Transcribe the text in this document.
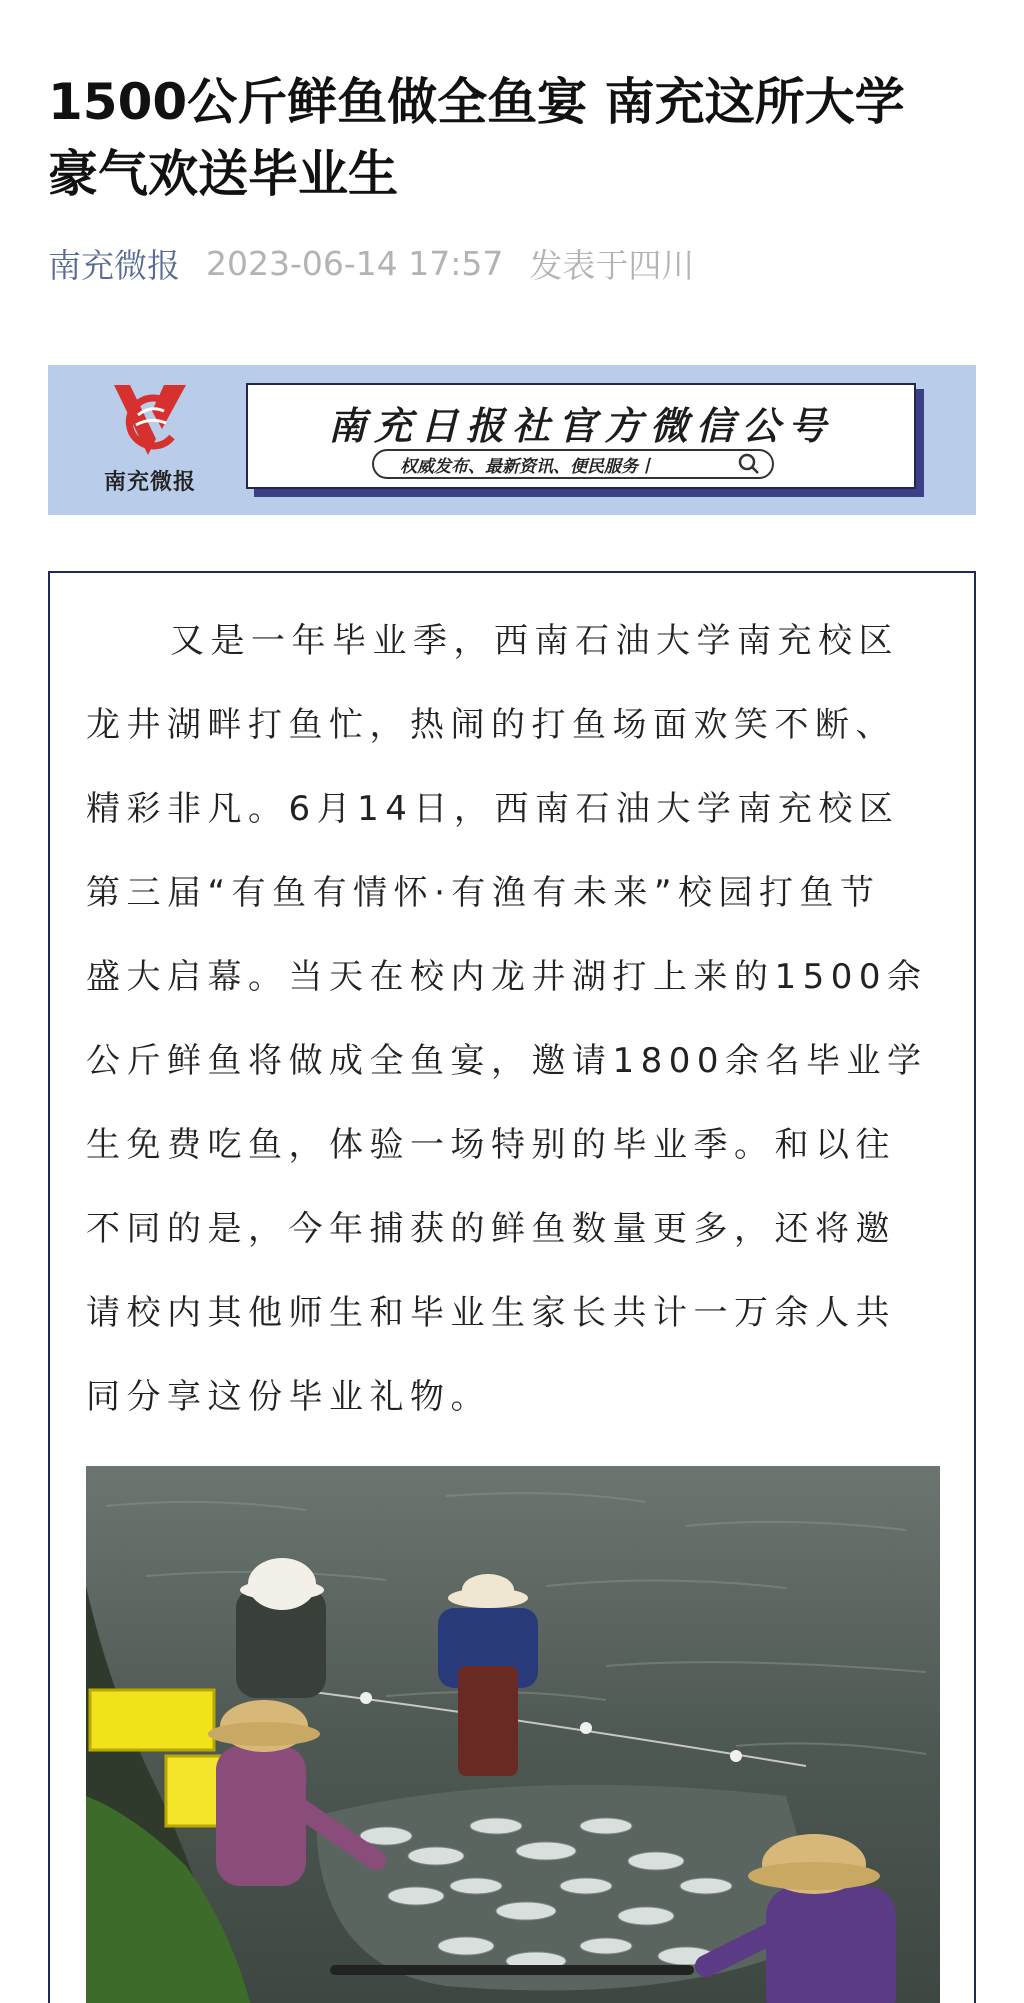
1500公斤鲜鱼做全鱼宴 南充这所大学
豪气欢送毕业生
南充微报 2023-06-14 17:57 发表于四川
南充微报
南充日报社官方微信公号
权威发布、最新资讯、便民服务丨
又是一年毕业季，西南石油大学南充校区
龙井湖畔打鱼忙，热闹的打鱼场面欢笑不断、
精彩非凡。6月14日，西南石油大学南充校区
第三届“有鱼有情怀·有渔有未来”校园打鱼节
盛大启幕。当天在校内龙井湖打上来的1500余
公斤鲜鱼将做成全鱼宴，邀请1800余名毕业学
生免费吃鱼，体验一场特别的毕业季。和以往
不同的是，今年捕获的鲜鱼数量更多，还将邀
请校内其他师生和毕业生家长共计一万余人共
同分享这份毕业礼物。
